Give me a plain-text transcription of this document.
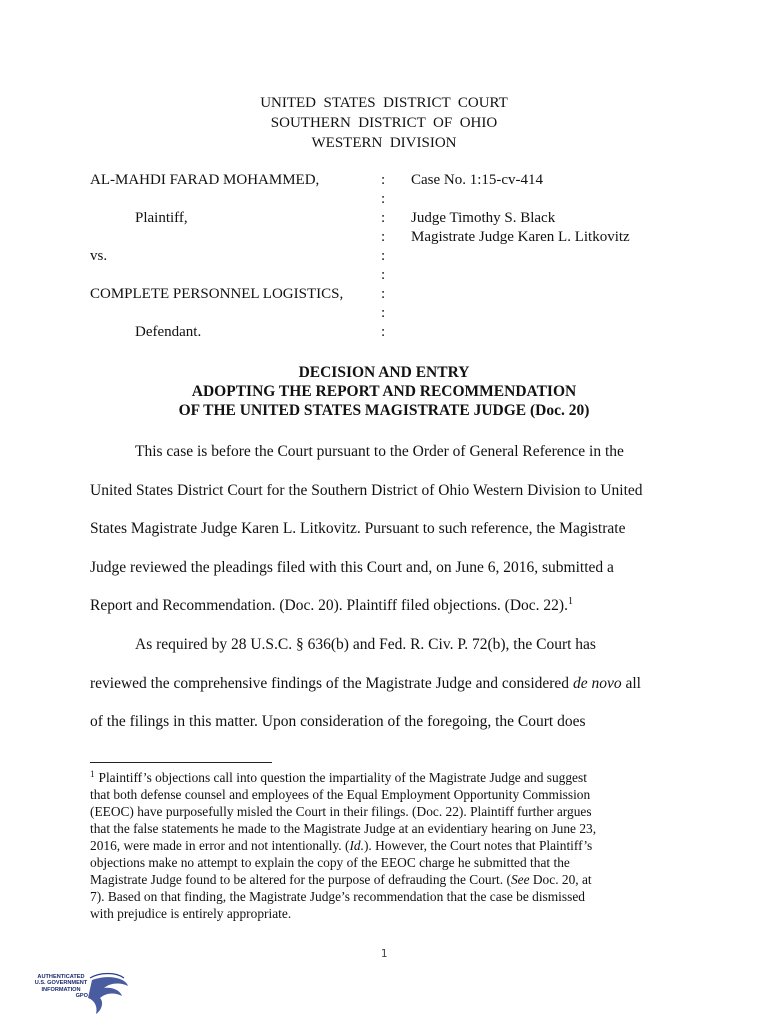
UNITED  STATES  DISTRICT  COURT
SOUTHERN  DISTRICT  OF  OHIO
WESTERN  DIVISION
AL-MAHDI FARAD MOHAMMED,
Plaintiff,
vs.
COMPLETE PERSONNEL LOGISTICS,
Defendant.
:
:
:
:
:
:
:
:
:
Case No. 1:15-cv-414
Judge Timothy S. Black
Magistrate Judge Karen L. Litkovitz
DECISION AND ENTRY
ADOPTING THE REPORT AND RECOMMENDATION
OF THE UNITED STATES MAGISTRATE JUDGE (Doc. 20)
This case is before the Court pursuant to the Order of General Reference in the
United States District Court for the Southern District of Ohio Western Division to United
States Magistrate Judge Karen L. Litkovitz. Pursuant to such reference, the Magistrate
Judge reviewed the pleadings filed with this Court and, on June 6, 2016, submitted a
Report and Recommendation. (Doc. 20). Plaintiff filed objections. (Doc. 22).$^1$
As required by 28 U.S.C. § 636(b) and Fed. R. Civ. P. 72(b), the Court has
reviewed the comprehensive findings of the Magistrate Judge and considered de novo all
of the filings in this matter. Upon consideration of the foregoing, the Court does
$^1$ Plaintiff’s objections call into question the impartiality of the Magistrate Judge and suggest
that both defense counsel and employees of the Equal Employment Opportunity Commission
(EEOC) have purposefully misled the Court in their filings. (Doc. 22). Plaintiff further argues
that the false statements he made to the Magistrate Judge at an evidentiary hearing on June 23,
2016, were made in error and not intentionally. (Id.). However, the Court notes that Plaintiff’s
objections make no attempt to explain the copy of the EEOC charge he submitted that the
Magistrate Judge found to be altered for the purpose of defrauding the Court. (See Doc. 20, at
7). Based on that finding, the Magistrate Judge’s recommendation that the case be dismissed
with prejudice is entirely appropriate.
1
AUTHENTICATED
U.S. GOVERNMENT
INFORMATION
GPO
